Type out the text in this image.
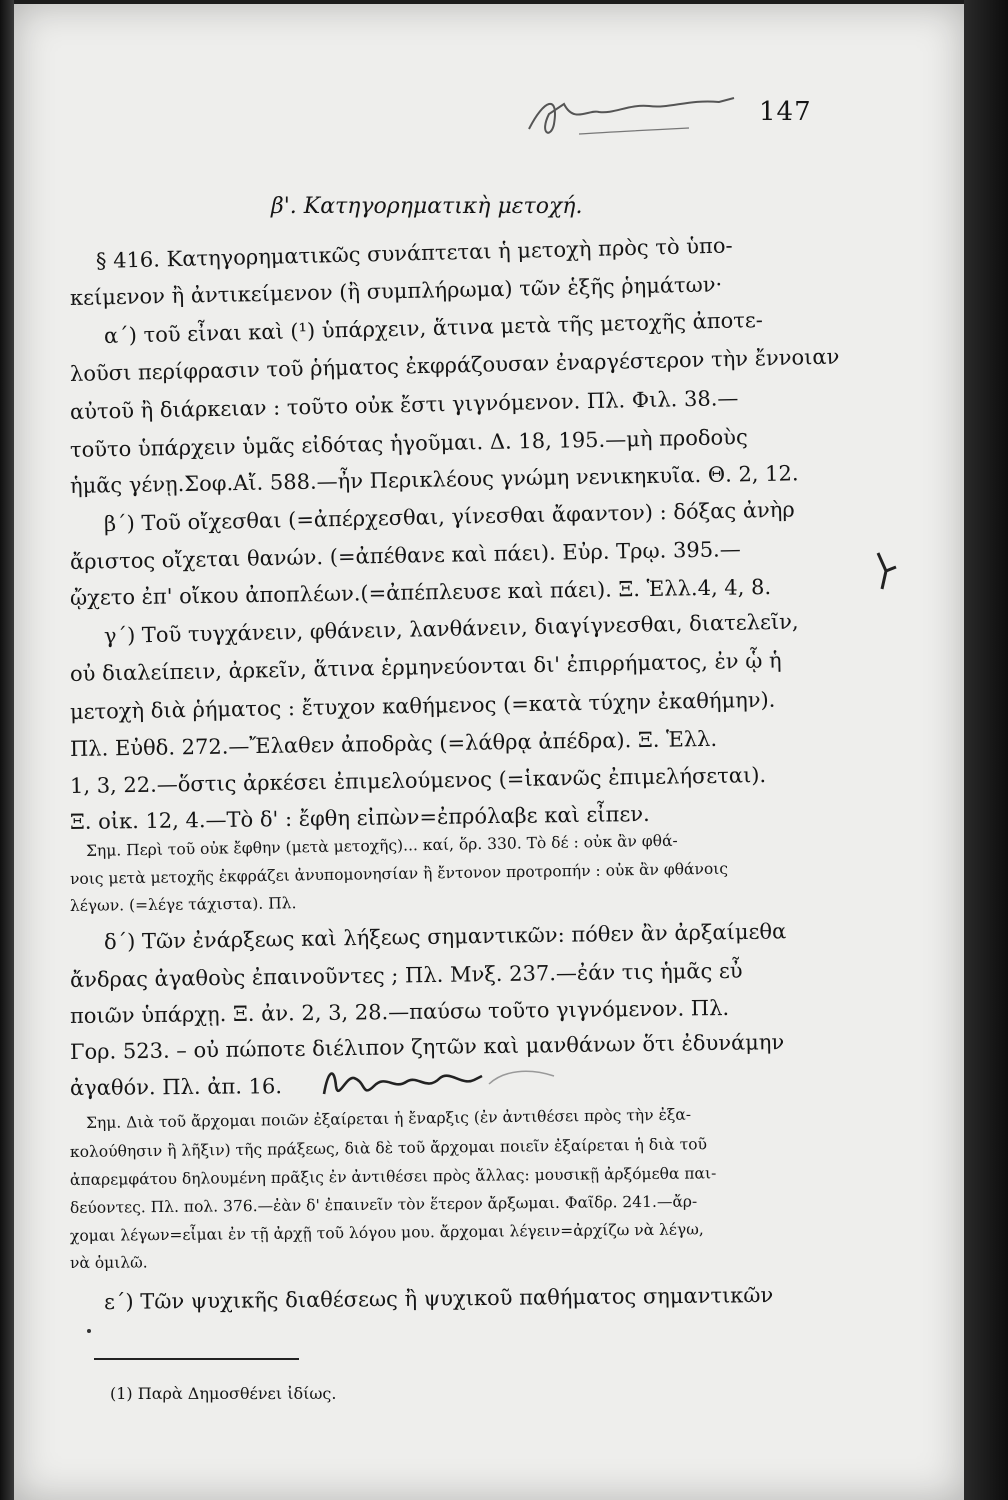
147
β'. Κατηγορηματικὴ μετοχή.
§ 416. Κατηγορηματικῶς συνάπτεται ἡ μετοχὴ πρὸς τὸ ὑπο-
κείμενον ἢ ἀντικείμενον (ἢ συμπλήρωμα) τῶν ἑξῆς ῥημάτων·
α΄) τοῦ εἶναι καὶ (¹) ὑπάρχειν, ἅτινα μετὰ τῆς μετοχῆς ἀποτε-
λοῦσι περίφρασιν τοῦ ῥήματος ἐκφράζουσαν ἐναργέστερον τὴν ἔννοιαν
αὐτοῦ ἢ διάρκειαν : τοῦτο οὐκ ἔστι γιγνόμενον. Πλ. Φιλ. 38.—
τοῦτο ὑπάρχειν ὑμᾶς εἰδότας ἡγοῦμαι. Δ. 18, 195.—μὴ προδοὺς
ἡμᾶς γένῃ.Σοφ.Αἴ. 588.—ἦν Περικλέους γνώμη νενικηκυῖα. Θ. 2, 12.
β΄) Τοῦ οἴχεσθαι (=ἀπέρχεσθαι, γίνεσθαι ἄφαντον) : δόξας ἀνὴρ
ἄριστος οἴχεται θανών. (=ἀπέθανε καὶ πάει). Εὐρ. Τρῳ. 395.—
ᾤχετο ἐπ' οἴκου ἀποπλέων.(=ἀπέπλευσε καὶ πάει). Ξ. Ἑλλ.4, 4, 8.
γ΄) Τοῦ τυγχάνειν, φθάνειν, λανθάνειν, διαγίγνεσθαι, διατελεῖν,
οὐ διαλείπειν, ἀρκεῖν, ἅτινα ἑρμηνεύονται δι' ἐπιρρήματος, ἐν ᾧ ἡ
μετοχὴ διὰ ῥήματος : ἔτυχον καθήμενος (=κατὰ τύχην ἐκαθήμην).
Πλ. Εὐθδ. 272.—Ἔλαθεν ἀποδρὰς (=λάθρᾳ ἀπέδρα). Ξ. Ἑλλ.
1, 3, 22.—ὅστις ἀρκέσει ἐπιμελούμενος (=ἱκανῶς ἐπιμελήσεται).
Ξ. οἰκ. 12, 4.—Τὸ δ' : ἔφθη εἰπὼν=ἐπρόλαβε καὶ εἶπεν.
Σημ. Περὶ τοῦ οὐκ ἔφθην (μετὰ μετοχῆς)... καί, ὅρ. 330. Τὸ δέ : οὐκ ἂν φθά-
νοις μετὰ μετοχῆς ἐκφράζει ἀνυπομονησίαν ἢ ἔντονον προτροπήν : οὐκ ἂν φθάνοις
λέγων. (=λέγε τάχιστα). Πλ.
δ΄) Τῶν ἐνάρξεως καὶ λήξεως σημαντικῶν: πόθεν ἂν ἀρξαίμεθα
ἄνδρας ἀγαθοὺς ἐπαινοῦντες ; Πλ. Μνξ. 237.—ἐάν τις ἡμᾶς εὖ
ποιῶν ὑπάρχῃ. Ξ. ἀν. 2, 3, 28.—παύσω τοῦτο γιγνόμενον. Πλ.
Γορ. 523. – οὐ πώποτε διέλιπον ζητῶν καὶ μανθάνων ὅτι ἐδυνάμην
ἀγαθόν. Πλ. ἀπ. 16.
Σημ. Διὰ τοῦ ἄρχομαι ποιῶν ἐξαίρεται ἡ ἔναρξις (ἐν ἀντιθέσει πρὸς τὴν ἐξα-
κολούθησιν ἢ λῆξιν) τῆς πράξεως, διὰ δὲ τοῦ ἄρχομαι ποιεῖν ἐξαίρεται ἡ διὰ τοῦ
ἀπαρεμφάτου δηλουμένη πρᾶξις ἐν ἀντιθέσει πρὸς ἄλλας: μουσικῇ ἀρξόμεθα παι-
δεύοντες. Πλ. πολ. 376.—ἐὰν δ' ἐπαινεῖν τὸν ἕτερον ἄρξωμαι. Φαῖδρ. 241.—ἄρ-
χομαι λέγων=εἶμαι ἐν τῇ ἀρχῇ τοῦ λόγου μου. ἄρχομαι λέγειν=ἀρχίζω νὰ λέγω,
νὰ ὁμιλῶ.
ε΄) Τῶν ψυχικῆς διαθέσεως ἢ ψυχικοῦ παθήματος σημαντικῶν
(1) Παρὰ Δημοσθένει ἰδίως.
